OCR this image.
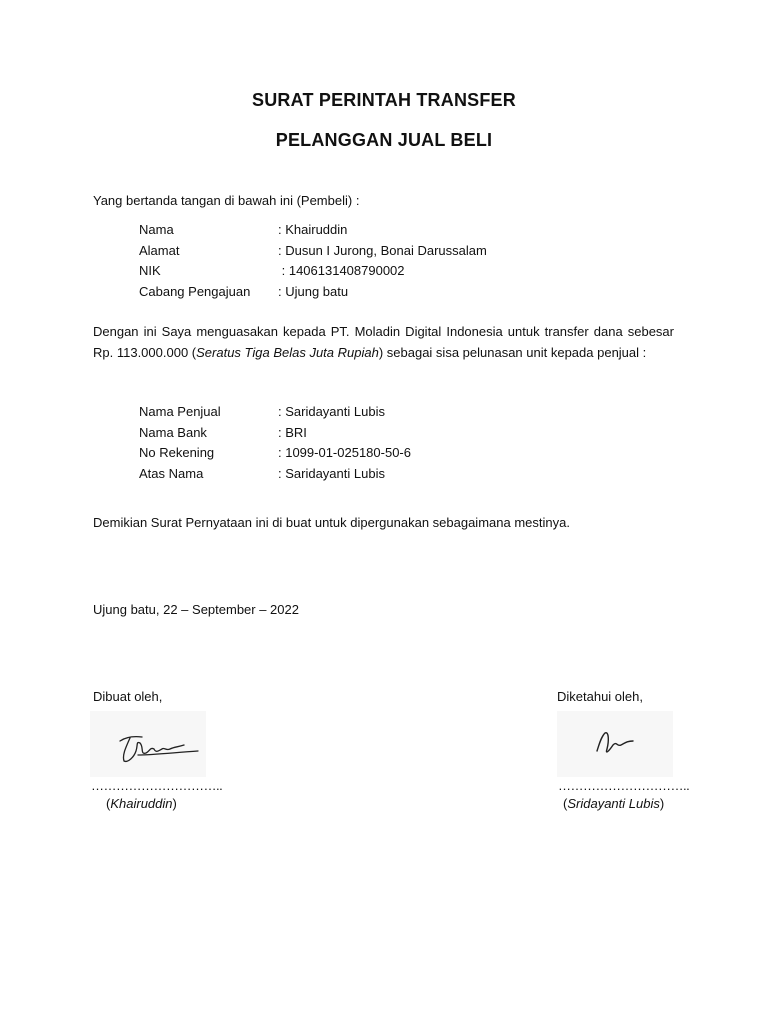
SURAT PERINTAH TRANSFER
PELANGGAN JUAL BELI
Yang bertanda tangan di bawah ini (Pembeli) :
Nama	: Khairuddin
Alamat	: Dusun I Jurong, Bonai Darussalam
NIK	: 1406131408790002
Cabang Pengajuan : Ujung batu
Dengan ini Saya menguasakan kepada PT. Moladin Digital Indonesia untuk transfer dana sebesar Rp. 113.000.000 (Seratus Tiga Belas Juta Rupiah) sebagai sisa pelunasan unit kepada penjual :
Nama Penjual	: Saridayanti Lubis
Nama Bank	: BRI
No Rekening	: 1099-01-025180-50-6
Atas Nama	: Saridayanti Lubis
Demikian Surat Pernyataan ini di buat untuk dipergunakan sebagaimana mestinya.
Ujung batu, 22 – September – 2022
Dibuat oleh,
…………………………..
(Khairuddin)
Diketahui oleh,
…………………………..
(Sridayanti Lubis)
